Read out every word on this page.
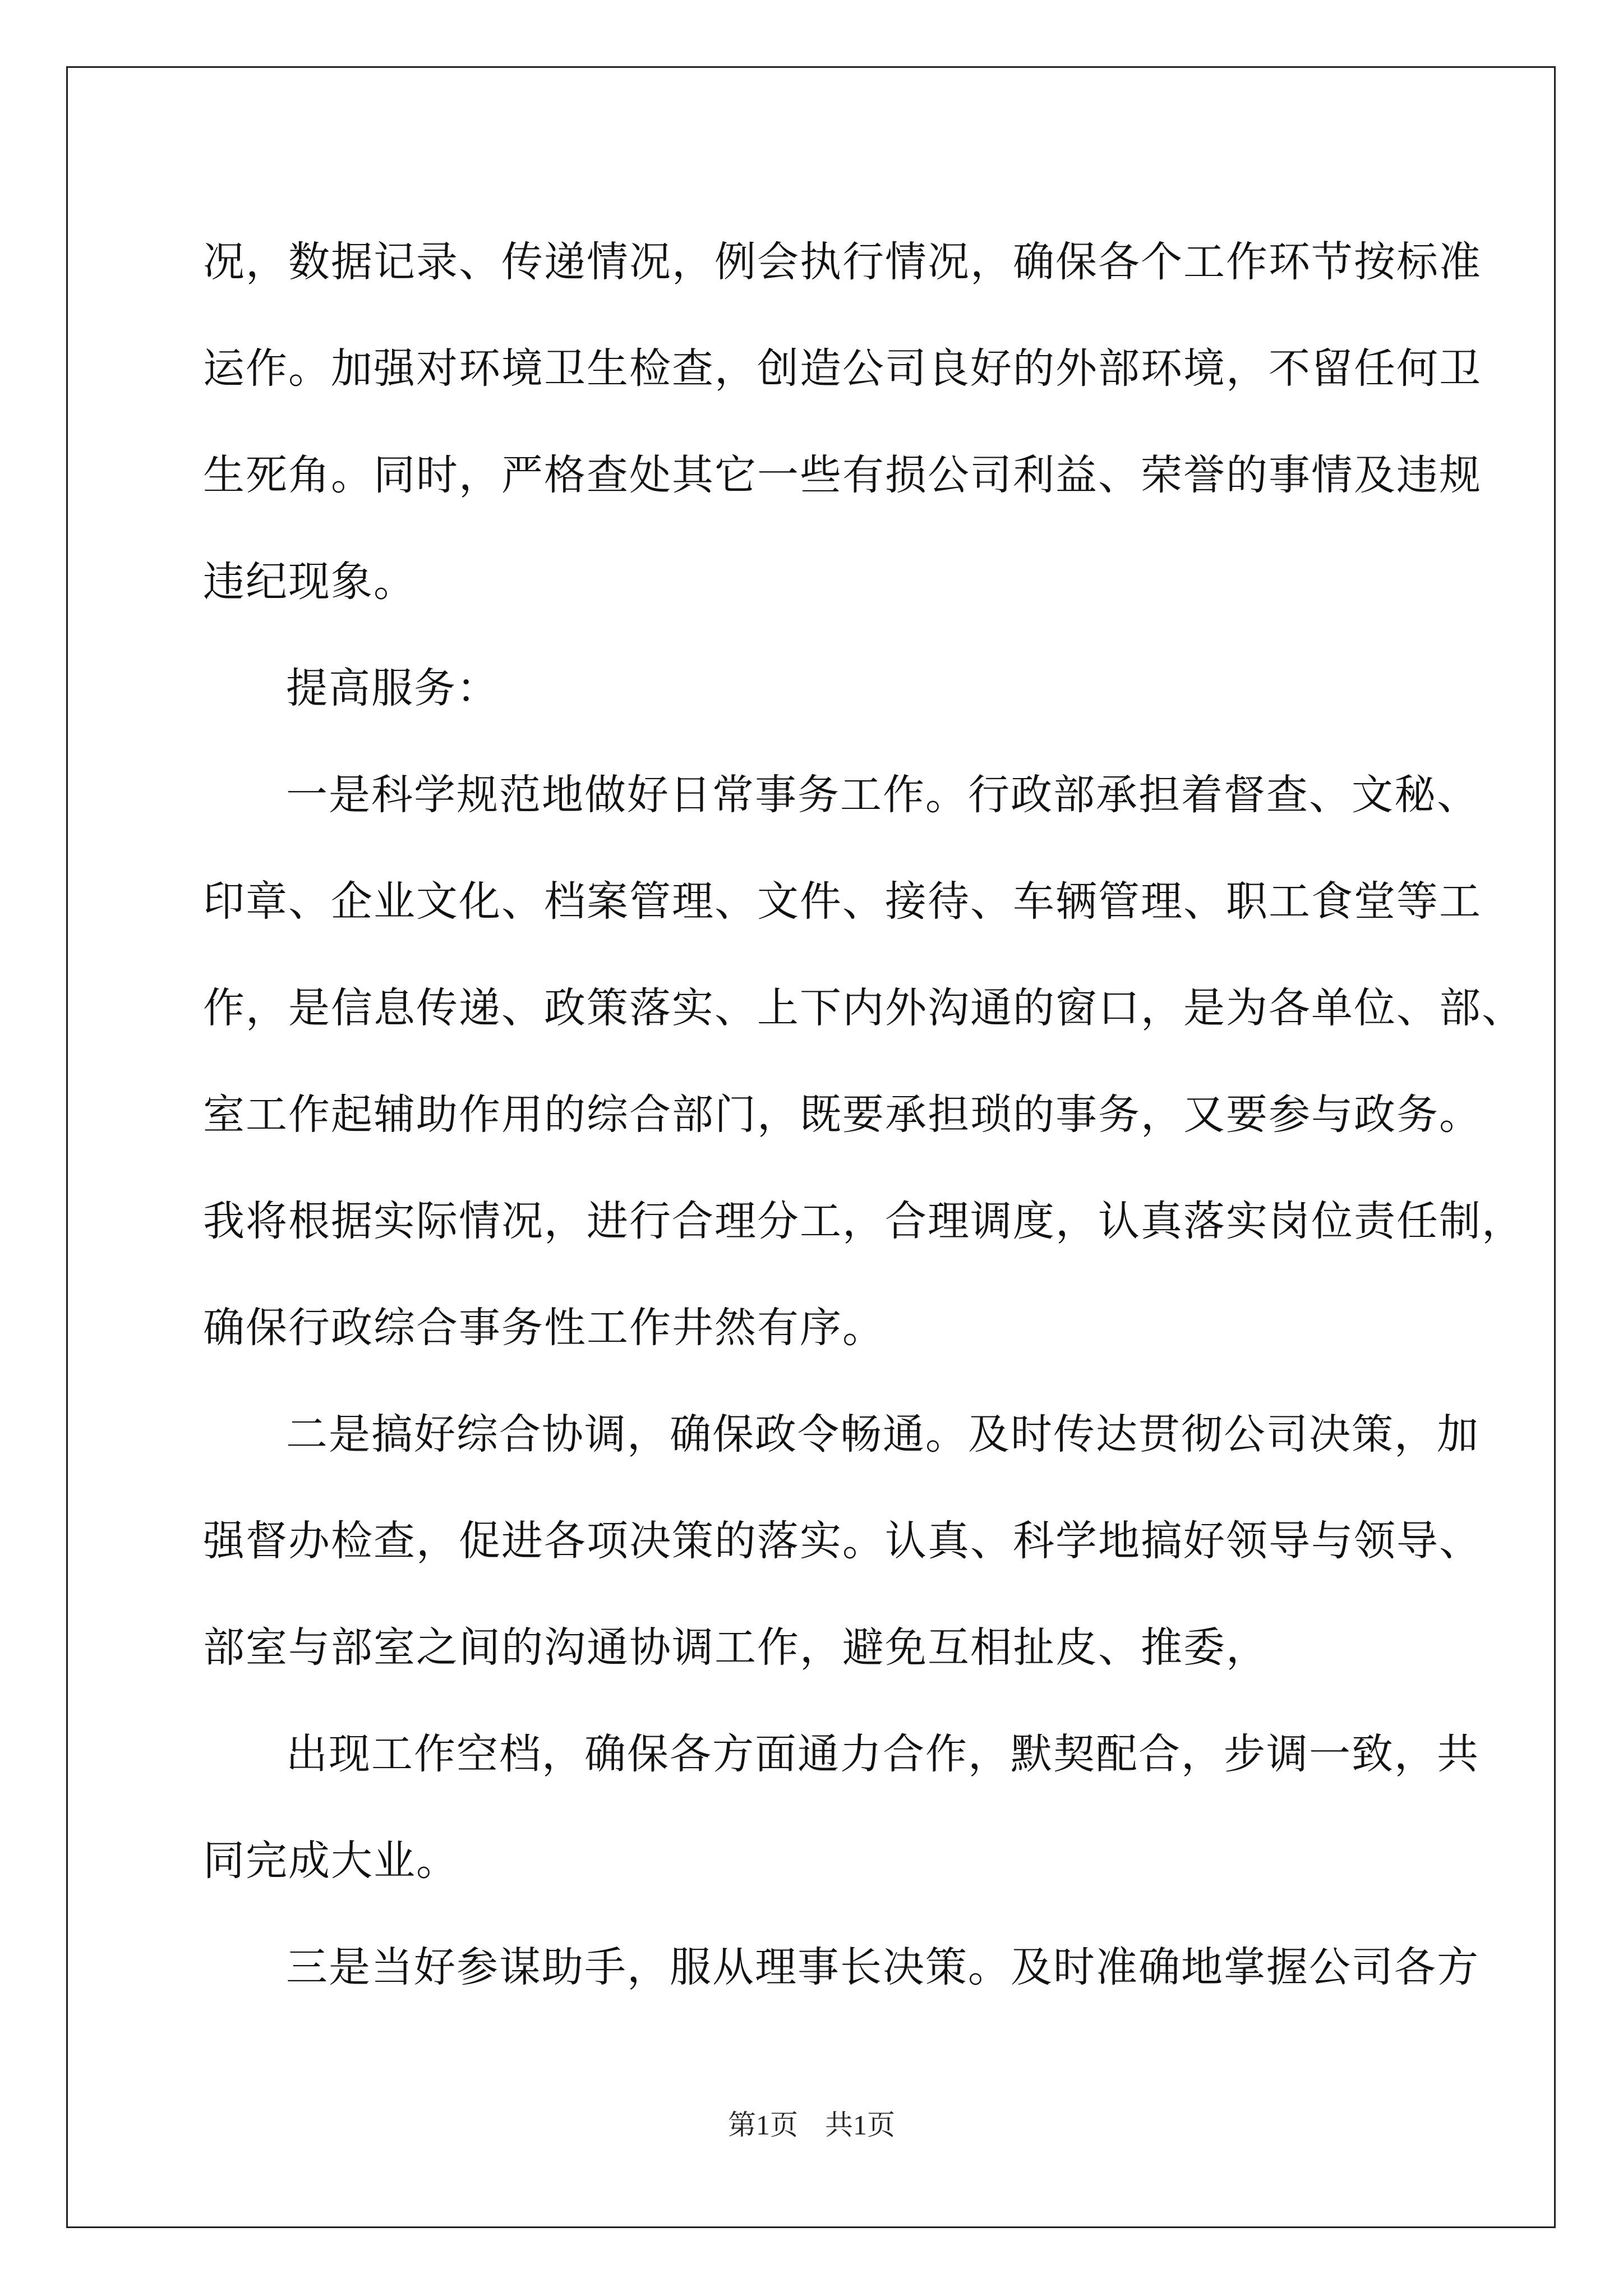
况，数据记录、传递情况，例会执行情况，确保各个工作环节按标准
运作。加强对环境卫生检查，创造公司良好的外部环境，不留任何卫
生死角。同时，严格查处其它一些有损公司利益、荣誉的事情及违规
违纪现象。
提高服务：
一是科学规范地做好日常事务工作。行政部承担着督查、文秘、
印章、企业文化、档案管理、文件、接待、车辆管理、职工食堂等工
作，是信息传递、政策落实、上下内外沟通的窗口，是为各单位、部、
室工作起辅助作用的综合部门，既要承担琐的事务，又要参与政务。
我将根据实际情况，进行合理分工，合理调度，认真落实岗位责任制，
确保行政综合事务性工作井然有序。
二是搞好综合协调，确保政令畅通。及时传达贯彻公司决策，加
强督办检查，促进各项决策的落实。认真、科学地搞好领导与领导、
部室与部室之间的沟通协调工作，避免互相扯皮、推委，
出现工作空档，确保各方面通力合作，默契配合，步调一致，共
同完成大业。
三是当好参谋助手，服从理事长决策。及时准确地掌握公司各方
第1页 共1页
